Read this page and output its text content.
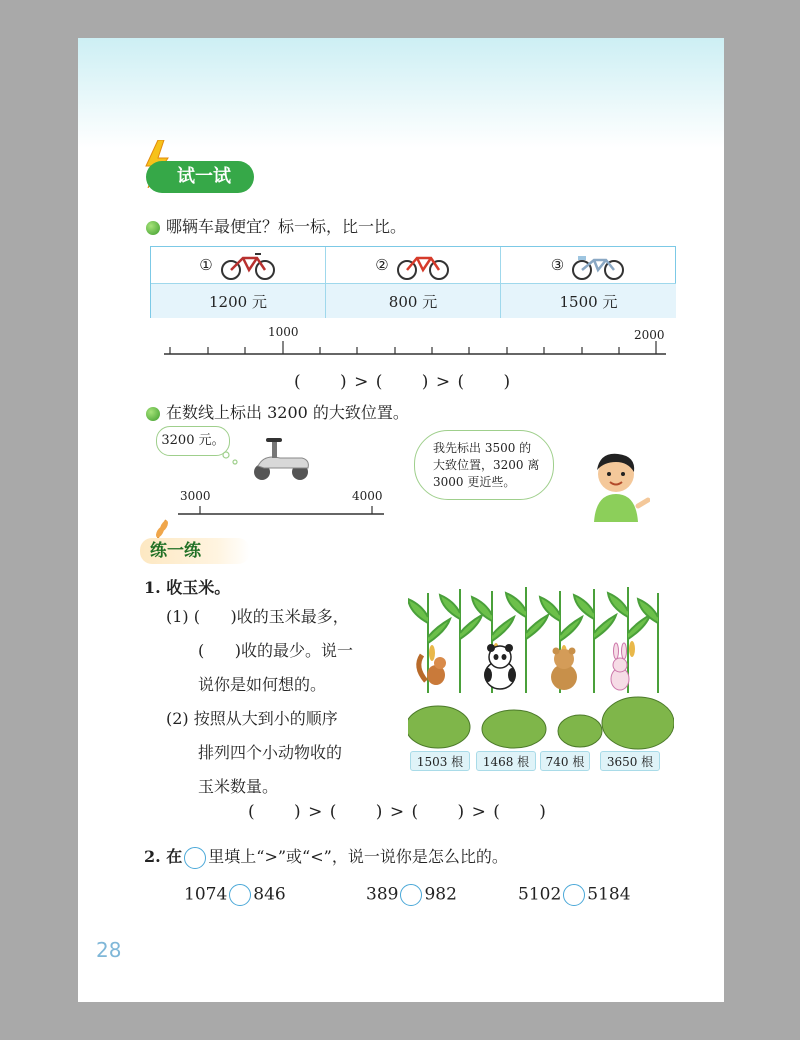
试一试
哪辆车最便宜？标一标，比一比。
①	②	③
1200 元	800 元	1500 元
1000	2000
(      ) > (      ) > (      )
在数线上标出 3200 的大致位置。
3200 元。
3000	4000
我先标出 3500 的
大致位置，3200 离
3000 更近些。
练一练
1. 收玉米。
(1) (      )收的玉米最多，
(      )收的最少。说一
说你是如何想的。
(2) 按照从大到小的顺序
排列四个小动物收的
玉米数量。
1503 根	1468 根	740 根	3650 根
(      ) > (      ) > (      ) > (      )
2. 在 里填上“>”或“<”，说一说你是怎么比的。
1074 846	389 982	5102 5184
28
